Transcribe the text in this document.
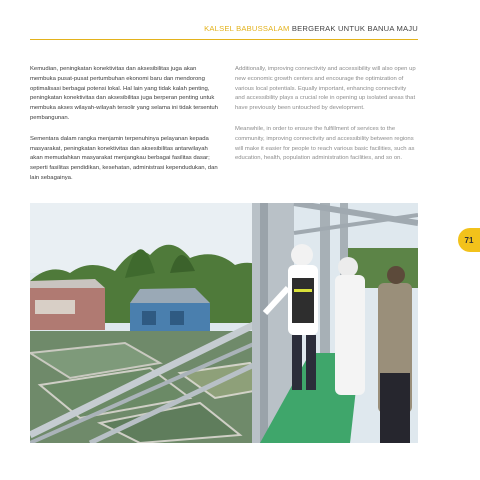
KALSEL BABUSSALAM BERGERAK UNTUK BANUA MAJU

Kemudian, peningkatan konektivitas dan aksesibilitas juga akan membuka pusat-pusat pertumbuhan ekonomi baru dan mendorong optimalisasi berbagai potensi lokal. Hal lain yang tidak kalah penting, peningkatan konektivitas dan aksesibilitas juga berperan penting untuk membuka akses wilayah-wilayah tersolir yang selama ini tidak tersentuh pembangunan.

Sementara dalam rangka menjamin terpenuhinya pelayanan kepada masyarakat, peningkatan konektivitas dan aksesibilitas antarwilayah akan memudahkan masyarakat menjangkau berbagai fasilitas dasar; seperti fasilitas pendidikan, kesehatan, administrasi kependudukan, dan lain sebagainya.

Additionally, improving connectivity and accessibility will also open up new economic growth centers and encourage the optimization of various local potentials. Equally important, enhancing connectivity and accessibility plays a crucial role in opening up isolated areas that have previously been untouched by development.

Meanwhile, in order to ensure the fulfillment of services to the community, improving connectivity and accessibility between regions will make it easier for people to reach various basic facilities, such as education, health, population administration facilities, and so on.

71
